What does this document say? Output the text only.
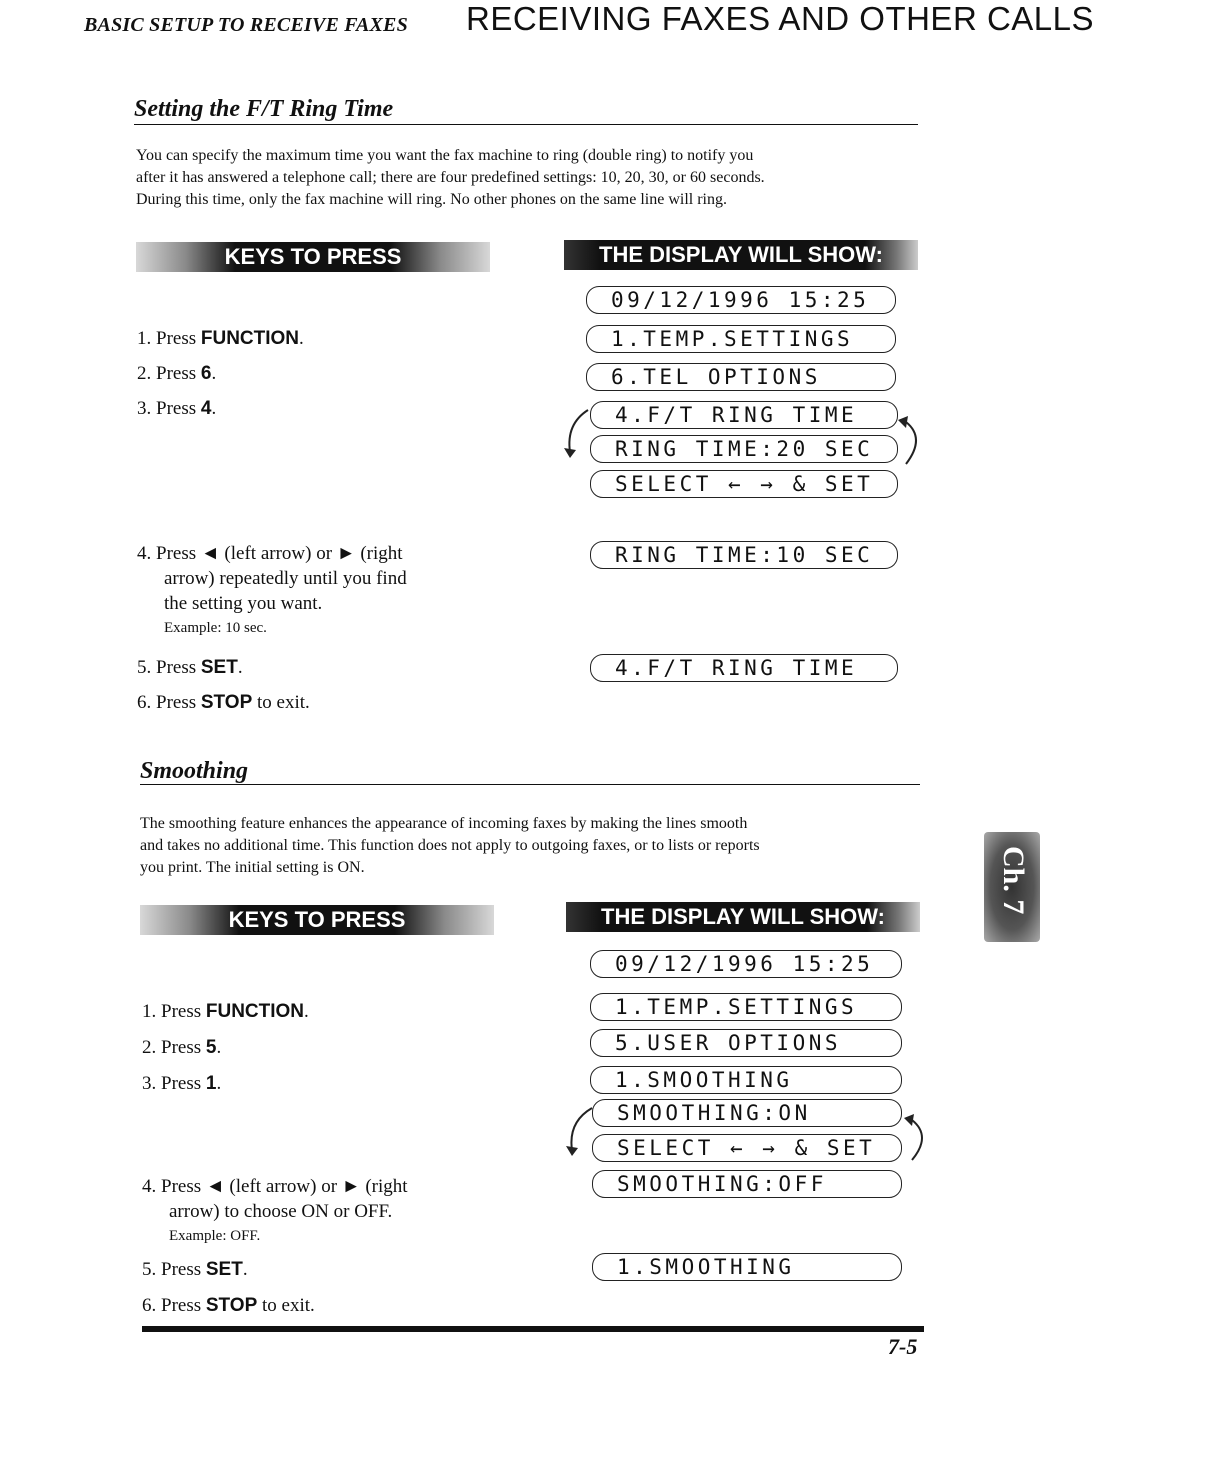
BASIC SETUP TO RECEIVE FAXES RECEIVING FAXES AND OTHER CALLS
Setting the F/T Ring Time
You can specify the maximum time you want the fax machine to ring (double ring) to notify you
after it has answered a telephone call; there are four predefined settings: 10, 20, 30, or 60 seconds.
During this time, only the fax machine will ring. No other phones on the same line will ring.
KEYS TO PRESS	THE DISPLAY WILL SHOW:
1. Press FUNCTION.
2. Press 6.
3. Press 4.
4. Press ◄ (left arrow) or ► (right
arrow) repeatedly until you find
the setting you want.
Example: 10 sec.
5. Press SET.
6. Press STOP to exit.
09/12/1996 15:25
1.TEMP.SETTINGS
6.TEL OPTIONS
4.F/T RING TIME
RING TIME:20 SEC
SELECT ← → & SET
RING TIME:10 SEC
4.F/T RING TIME
Smoothing
The smoothing feature enhances the appearance of incoming faxes by making the lines smooth
and takes no additional time. This function does not apply to outgoing faxes, or to lists or reports
you print. The initial setting is ON.
KEYS TO PRESS	THE DISPLAY WILL SHOW:
1. Press FUNCTION.
2. Press 5.
3. Press 1.
4. Press ◄ (left arrow) or ► (right
arrow) to choose ON or OFF.
Example: OFF.
5. Press SET.
6. Press STOP to exit.
09/12/1996 15:25
1.TEMP.SETTINGS
5.USER OPTIONS
1.SMOOTHING
SMOOTHING:ON
SELECT ← → & SET
SMOOTHING:OFF
1.SMOOTHING
Ch. 7
7-5
